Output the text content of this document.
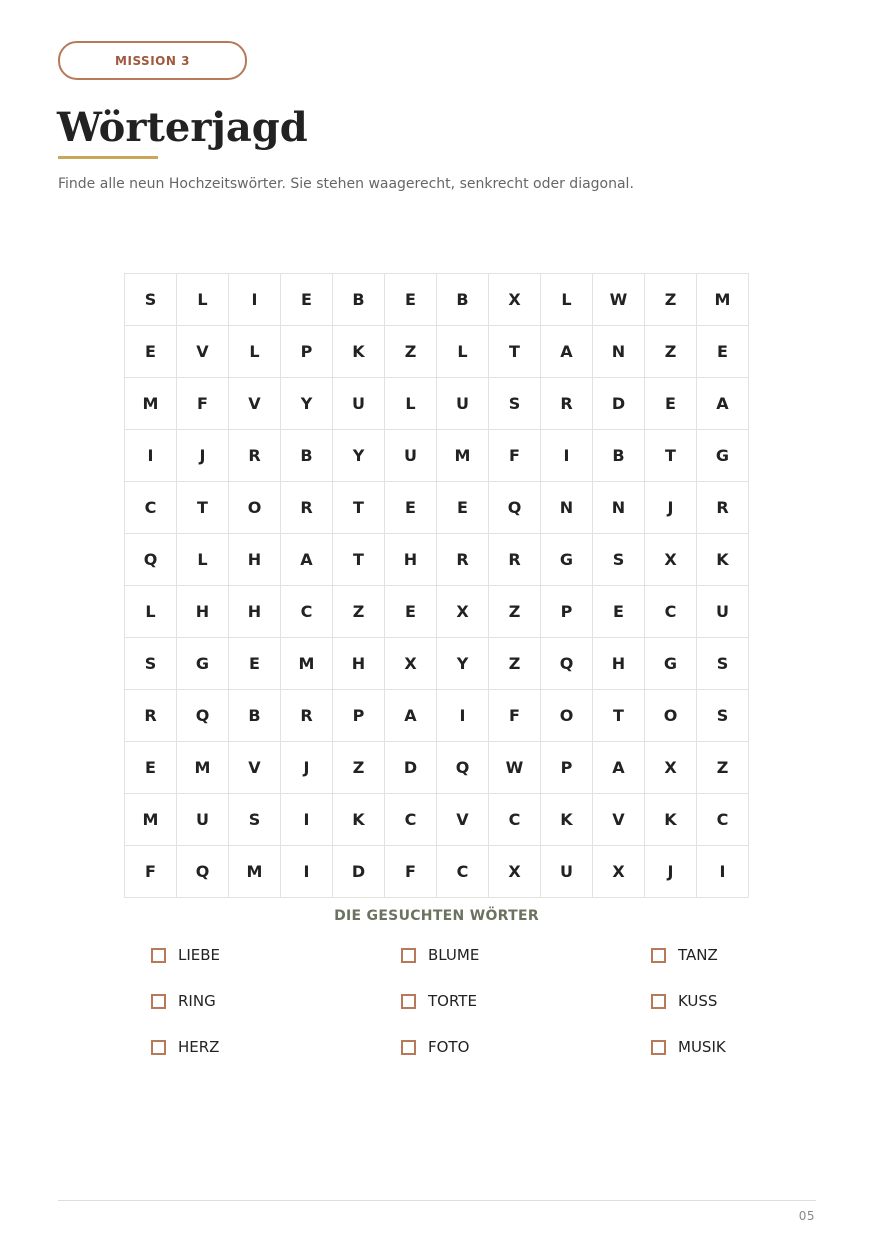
MISSION 3
Wörterjagd

Finde alle neun Hochzeitswörter. Sie stehen waagerecht, senkrecht oder diagonal.

S	L	I	E	B	E	B	X	L	W	Z	M
E	V	L	P	K	Z	L	T	A	N	Z	E
M	F	V	Y	U	L	U	S	R	D	E	A
I	J	R	B	Y	U	M	F	I	B	T	G
C	T	O	R	T	E	E	Q	N	N	J	R
Q	L	H	A	T	H	R	R	G	S	X	K
L	H	H	C	Z	E	X	Z	P	E	C	U
S	G	E	M	H	X	Y	Z	Q	H	G	S
R	Q	B	R	P	A	I	F	O	T	O	S
E	M	V	J	Z	D	Q	W	P	A	X	Z
M	U	S	I	K	C	V	C	K	V	K	C
F	Q	M	I	D	F	C	X	U	X	J	I
DIE GESUCHTEN WÖRTER
LIEBE	BLUME	TANZ
RING	TORTE	KUSS
HERZ	FOTO	MUSIK
05
